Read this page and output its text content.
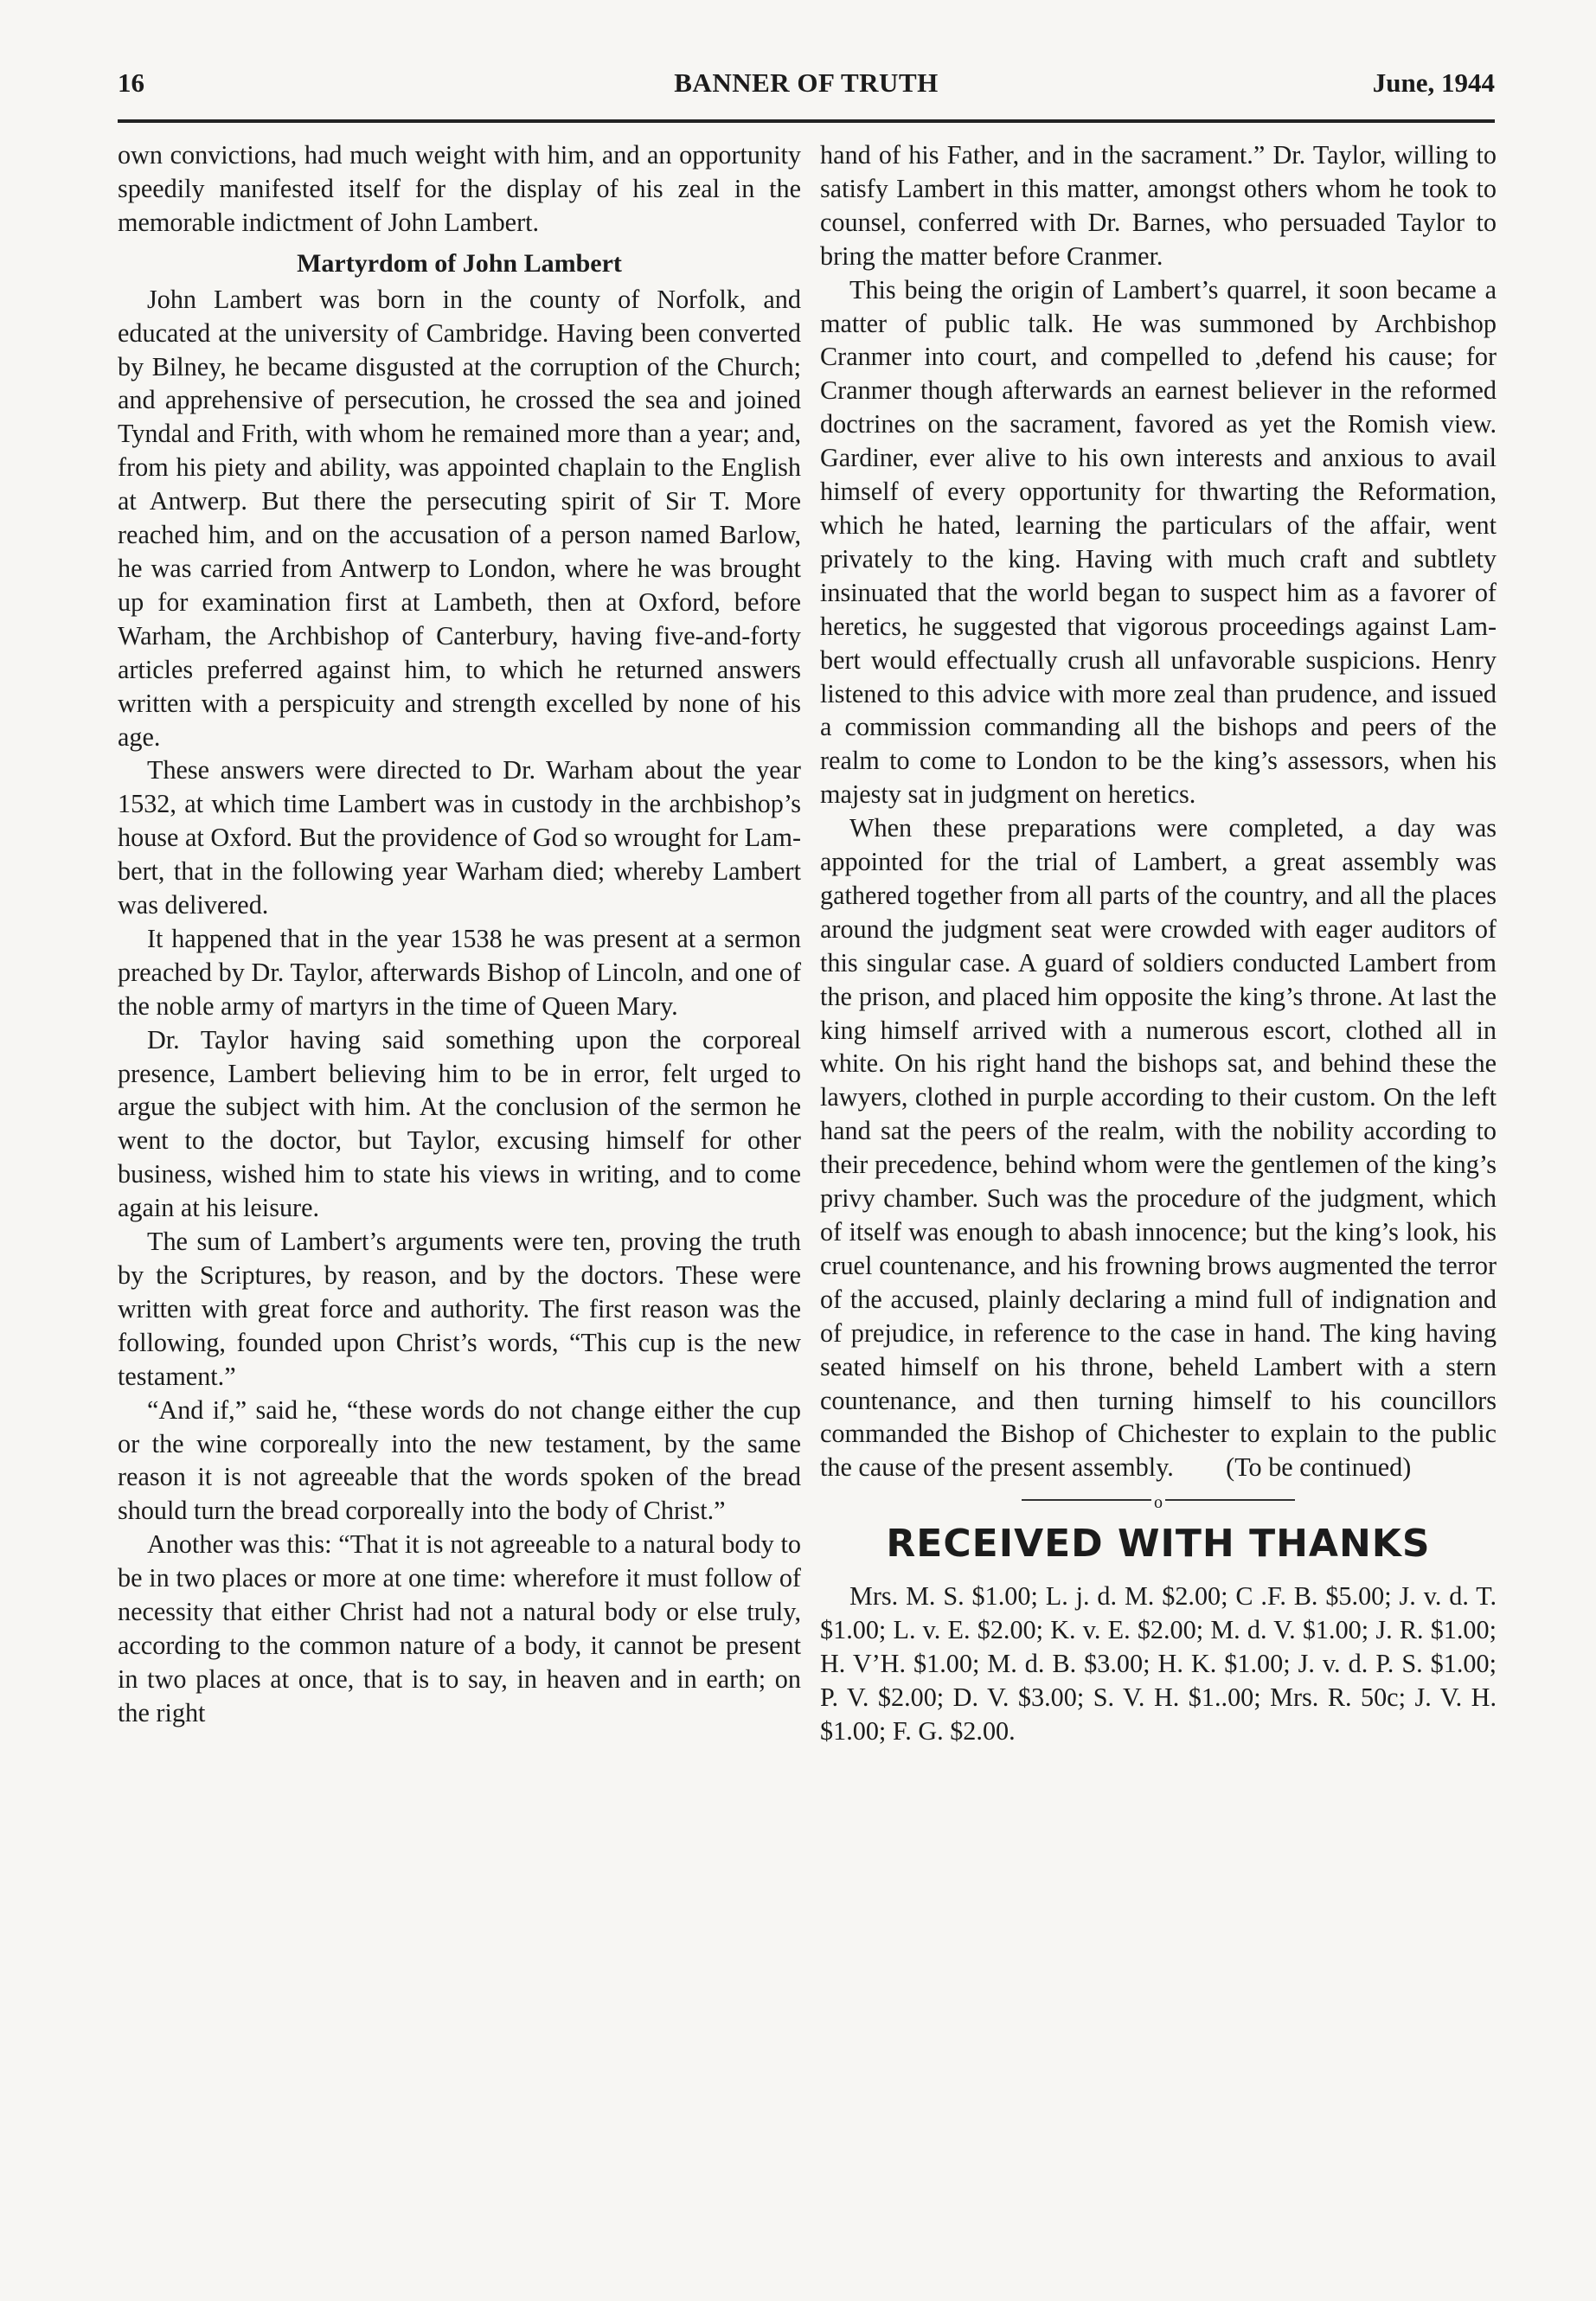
16	BANNER OF TRUTH	June, 1944

own convictions, had much weight with him, and an opportunity speedily manifested itself for the display of his zeal in the memorable indictment of John Lambert.

Martyrdom of John Lambert

John Lambert was born in the county of Norfolk, and educated at the university of Cambridge. Having been converted by Bilney, he became disgusted at the corruption of the Church; and apprehensive of persecution, he crossed the sea and joined Tyndal and Frith, with whom he remained more than a year; and, from his piety and ability, was appointed chaplain to the English at Antwerp. But there the persecuting spirit of Sir T. More reached him, and on the accusation of a person named Barlow, he was carried from Antwerp to London, where he was brought up for examination first at Lambeth, then at Oxford, before Warham, the Archbishop of Canterbury, having five-and-forty articles preferred against him, to which he returned answers written with a perspicuity and strength excelled by none of his age.

These answers were directed to Dr. Warham about the year 1532, at which time Lambert was in custody in the archbishop’s house at Oxford. But the providence of God so wrought for Lambert, that in the following year Warham died; whereby Lambert was delivered.

It happened that in the year 1538 he was present at a sermon preached by Dr. Taylor, afterwards Bishop of Lincoln, and one of the noble army of martyrs in the time of Queen Mary.

Dr. Taylor having said something upon the corporeal presence, Lambert believing him to be in error, felt urged to argue the subject with him. At the conclusion of the sermon he went to the doctor, but Taylor, excusing himself for other business, wished him to state his views in writing, and to come again at his leisure.

The sum of Lambert’s arguments were ten, proving the truth by the Scriptures, by reason, and by the doctors. These were written with great force and authority. The first reason was the following, founded upon Christ’s words, “This cup is the new testament.”

“And if,” said he, “these words do not change either the cup or the wine corporeally into the new testament, by the same reason it is not agreeable that the words spoken of the bread should turn the bread corporeally into the body of Christ.”

Another was this: “That it is not agreeable to a natural body to be in two places or more at one time: wherefore it must follow of necessity that either Christ had not a natural body or else truly, according to the common nature of a body, it cannot be present in two places at once, that is to say, in heaven and in earth; on the right

hand of his Father, and in the sacrament.” Dr. Taylor, willing to satisfy Lambert in this matter, amongst others whom he took to counsel, conferred with Dr. Barnes, who persuaded Taylor to bring the matter before Cranmer.

This being the origin of Lambert’s quarrel, it soon became a matter of public talk. He was summoned by Archbishop Cranmer into court, and compelled to ,defend his cause; for Cranmer though afterwards an earnest believer in the reformed doctrines on the sacrament, favored as yet the Romish view. Gardiner, ever alive to his own interests and anxious to avail himself of every opportunity for thwarting the Reformation, which he hated, learning the particulars of the affair, went privately to the king. Having with much craft and subtlety insinuated that the world began to suspect him as a favorer of heretics, he suggested that vigorous proceedings against Lambert would effectually crush all unfavorable suspicions. Henry listened to this advice with more zeal than prudence, and issued a commission commanding all the bishops and peers of the realm to come to London to be the king’s assessors, when his majesty sat in judgment on heretics.

When these preparations were completed, a day was appointed for the trial of Lambert, a great assembly was gathered together from all parts of the country, and all the places around the judgment seat were crowded with eager auditors of this singular case. A guard of soldiers conducted Lambert from the prison, and placed him opposite the king’s throne. At last the king himself arrived with a numerous escort, clothed all in white. On his right hand the bishops sat, and behind these the lawyers, clothed in purple according to their custom. On the left hand sat the peers of the realm, with the nobility according to their precedence, behind whom were the gentlemen of the king’s privy chamber. Such was the procedure of the judgment, which of itself was enough to abash innocence; but the king’s look, his cruel countenance, and his frowning brows augmented the terror of the accused, plainly declaring a mind full of indignation and of prejudice, in reference to the case in hand. The king having seated himself on his throne, beheld Lambert with a stern countenance, and then turning himself to his councillors commanded the Bishop of Chichester to explain to the public the cause of the present assembly. (To be continued)

o
RECEIVED WITH THANKS

Mrs. M. S. $1.00; L. j. d. M. $2.00; C .F. B. $5.00; J. v. d. T. $1.00; L. v. E. $2.00; K. v. E. $2.00; M. d. V. $1.00; J. R. $1.00; H. V’H. $1.00; M. d. B. $3.00; H. K. $1.00; J. v. d. P. S. $1.00; P. V. $2.00; D. V. $3.00; S. V. H. $1..00; Mrs. R. 50c; J. V. H. $1.00; F. G. $2.00.
